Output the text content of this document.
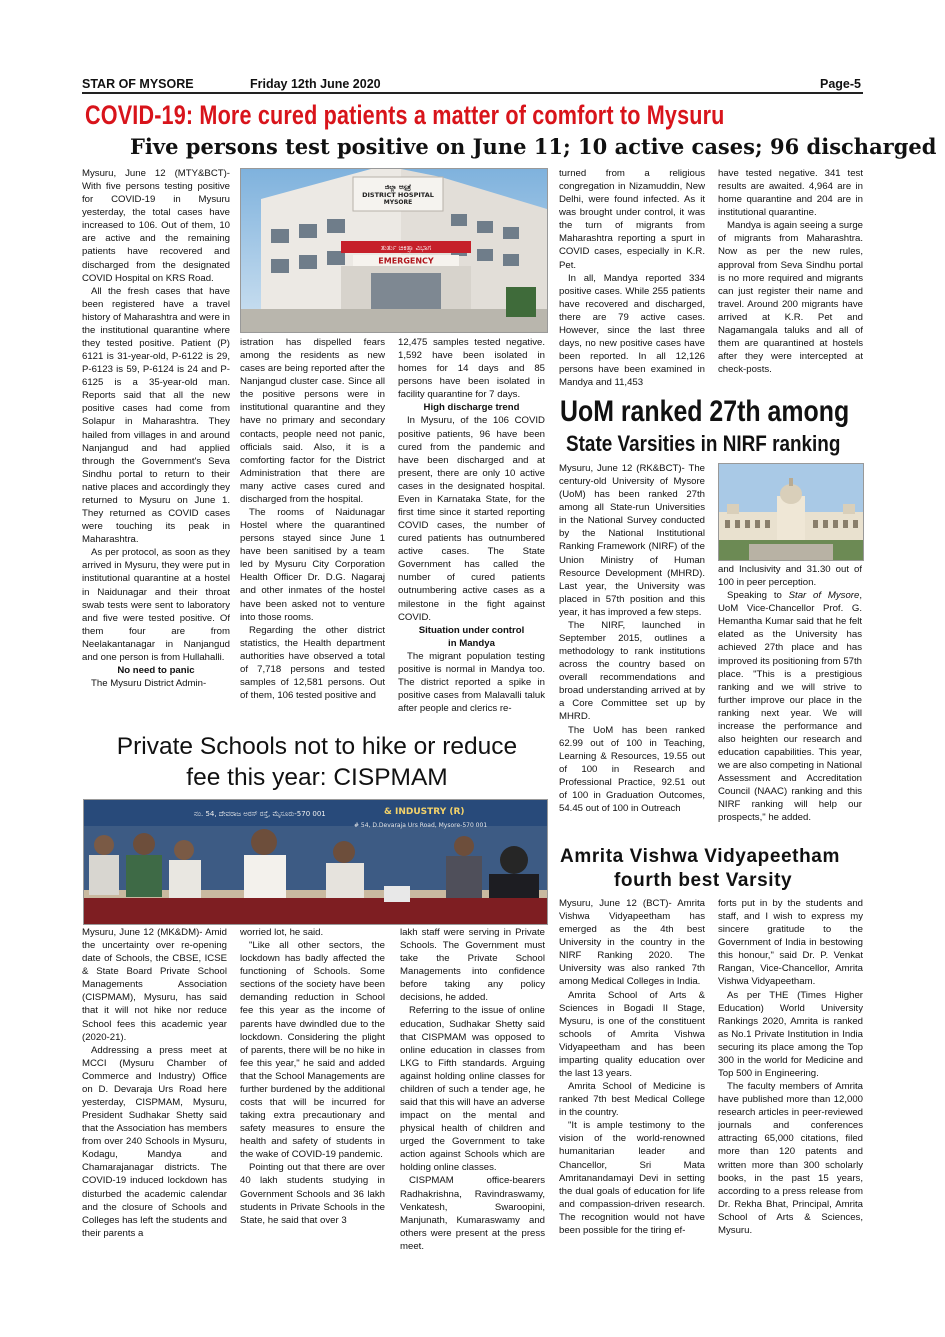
STAR OF MYSORE	Friday 12th June 2020	Page-5
COVID-19: More cured patients a matter of comfort to Mysuru
Five persons test positive on June 11; 10 active cases; 96 discharged

Mysuru, June 12 (MTY&BCT)- With five persons testing positive for COVID-19 in Mysuru yesterday, the total cases have increased to 106. Out of them, 10 are active and the remaining patients have recovered and discharged from the designated COVID Hospital on KRS Road.

All the fresh cases that have been registered have a travel history of Maharashtra and were in the institutional quarantine where they tested positive. Patient (P) 6121 is 31-year-old, P-6122 is 29, P-6123 is 59, P-6124 is 24 and P-6125 is a 35-year-old man. Reports said that all the new positive cases had come from Solapur in Maharashtra. They hailed from villages in and around Nanjangud and had applied through the Government's Seva Sindhu portal to return to their native places and accordingly they returned to Mysuru on June 1. They returned as COVID cases were touching its peak in Maharashtra.

As per protocol, as soon as they arrived in Mysuru, they were put in institutional quarantine at a hostel in Naidunagar and their throat swab tests were sent to laboratory and five were tested positive. Of them four are from Neelakantanagar in Nanjangud and one person is from Hullahalli.

No need to panic

The Mysuru District Admin-

ಜಿಲ್ಲಾ ಆಸ್ಪತ್ರೆ DISTRICT HOSPITAL
MYSORE
ತುರ್ತು ಚಿಕಿತ್ಸಾ ವಿಭಾಗ
EMERGENCY

istration has dispelled fears among the residents as new cases are being reported after the Nanjangud cluster case. Since all the positive persons were in institutional quarantine and they have no primary and secondary contacts, people need not panic, officials said. Also, it is a comforting factor for the District Administration that there are many active cases cured and discharged from the hospital.

The rooms of Naidunagar Hostel where the quarantined persons stayed since June 1 have been sanitised by a team led by Mysuru City Corporation Health Officer Dr. D.G. Nagaraj and other inmates of the hostel have been asked not to venture into those rooms.

Regarding the other district statistics, the Health department authorities have observed a total of 7,718 persons and tested samples of 12,581 persons. Out of them, 106 tested positive and

12,475 samples tested negative. 1,592 have been isolated in homes for 14 days and 85 persons have been isolated in facility quarantine for 7 days.

High discharge trend

In Mysuru, of the 106 COVID positive patients, 96 have been cured from the pandemic and have been discharged and at present, there are only 10 active cases in the designated hospital. Even in Karnataka State, for the first time since it started reporting COVID cases, the number of cured patients has outnumbered active cases. The State Government has called the number of cured patients outnumbering active cases as a milestone in the fight against COVID.

Situation under control in Mandya

The migrant population testing positive is normal in Mandya too. The district reported a spike in positive cases from Malavalli taluk after people and clerics re-

turned from a religious congregation in Nizamuddin, New Delhi, were found infected. As it was brought under control, it was the turn of migrants from Maharashtra reporting a spurt in COVID cases, especially in K.R. Pet.

In all, Mandya reported 334 positive cases. While 255 patients have recovered and discharged, there are 79 active cases. However, since the last three days, no new positive cases have been reported. In all 12,126 persons have been examined in Mandya and 11,453

have tested negative. 341 test results are awaited. 4,964 are in home quarantine and 204 are in institutional quarantine.

Mandya is again seeing a surge of migrants from Maharashtra. Now as per the new rules, approval from Seva Sindhu portal is no more required and migrants can just register their name and travel. Around 200 migrants have arrived at K.R. Pet and Nagamangala taluks and all of them are quarantined at hostels after they were intercepted at check-posts.

UoM ranked 27th among
State Varsities in NIRF ranking

Mysuru, June 12 (RK&BCT)- The century-old University of Mysore (UoM) has been ranked 27th among all State-run Universities in the National Survey conducted by the National Institutional Ranking Framework (NIRF) of the Union Ministry of Human Resource Development (MHRD). Last year, the University was placed in 57th position and this year, it has improved a few steps.

The NIRF, launched in September 2015, outlines a methodology to rank institutions across the country based on overall recommendations and broad understanding arrived at by a Core Committee set up by MHRD.

The UoM has been ranked 62.99 out of 100 in Teaching, Learning & Resources, 19.55 out of 100 in Research and Professional Practice, 92.51 out of 100 in Graduation Outcomes, 54.45 out of 100 in Outreach

and Inclusivity and 31.30 out of 100 in peer perception.

Speaking to Star of Mysore, UoM Vice-Chancellor Prof. G. Hemantha Kumar said that he felt elated as the University has achieved 27th place and has improved its positioning from 57th place. "This is a prestigious ranking and we will strive to further improve our place in the ranking next year. We will increase the performance and also heighten our research and education capabilities. This year, we are also competing in National Assessment and Accreditation Council (NAAC) ranking and this NIRF ranking will help our prospects," he added.

Amrita Vishwa Vidyapeetham
fourth best Varsity

Mysuru, June 12 (BCT)- Amrita Vishwa Vidyapeetham has emerged as the 4th best University in the country in the NIRF Ranking 2020. The University was also ranked 7th among Medical Colleges in India.

Amrita School of Arts & Sciences in Bogadi II Stage, Mysuru, is one of the constituent schools of Amrita Vishwa Vidyapeetham and has been imparting quality education over the last 13 years.

Amrita School of Medicine is ranked 7th best Medical College in the country.

"It is ample testimony to the vision of the world-renowned humanitarian leader and Chancellor, Sri Mata Amritanandamayi Devi in setting the dual goals of education for life and compassion-driven research. The recognition would not have been possible for the tiring ef-

forts put in by the students and staff, and I wish to express my sincere gratitude to the Government of India in bestowing this honour," said Dr. P. Venkat Rangan, Vice-Chancellor, Amrita Vishwa Vidyapeetham.

As per THE (Times Higher Education) World University Rankings 2020, Amrita is ranked as No.1 Private Institution in India securing its place among the Top 300 in the world for Medicine and Top 500 in Engineering.

The faculty members of Amrita have published more than 12,000 research articles in peer-reviewed journals and conferences attracting 65,000 citations, filed more than 120 patents and written more than 300 scholarly books, in the past 15 years, according to a press release from Dr. Rekha Bhat, Principal, Amrita School of Arts & Sciences, Mysuru.

Private Schools not to hike or reduce
fee this year: CISPMAM
ನಂ. 54, ದೇವರಾಜ ಅರಸ್ ರಸ್ತೆ, ಮೈಸೂರು-570 001	& INDUSTRY (R)
# 54, D.Devaraja Urs Road, Mysore-570 001

Mysuru, June 12 (MK&DM)- Amid the uncertainty over re-opening date of Schools, the CBSE, ICSE & State Board Private School Managements Association (CISPMAM), Mysuru, has said that it will not hike nor reduce School fees this academic year (2020-21).

Addressing a press meet at MCCI (Mysuru Chamber of Commerce and Industry) Office on D. Devaraja Urs Road here yesterday, CISPMAM, Mysuru, President Sudhakar Shetty said that the Association has members from over 240 Schools in Mysuru, Kodagu, Mandya and Chamarajanagar districts. The COVID-19 induced lockdown has disturbed the academic calendar and the closure of Schools and Colleges has left the students and their parents a

worried lot, he said.

"Like all other sectors, the lockdown has badly affected the functioning of Schools. Some sections of the society have been demanding reduction in School fee this year as the income of parents have dwindled due to the lockdown. Considering the plight of parents, there will be no hike in fee this year," he said and added that the School Managements are further burdened by the additional costs that will be incurred for taking extra precautionary and safety measures to ensure the health and safety of students in the wake of COVID-19 pandemic.

Pointing out that there are over 40 lakh students studying in Government Schools and 36 lakh students in Private Schools in the State, he said that over 3

lakh staff were serving in Private Schools. The Government must take the Private School Managements into confidence before taking any policy decisions, he added.

Referring to the issue of online education, Sudhakar Shetty said that CISPMAM was opposed to online education in classes from LKG to Fifth standards. Arguing against holding online classes for children of such a tender age, he said that this will have an adverse impact on the mental and physical health of children and urged the Government to take action against Schools which are holding online classes.

CISPMAM office-bearers Radhakrishna, Ravindraswamy, Venkatesh, Swaroopini, Manjunath, Kumaraswamy and others were present at the press meet.
